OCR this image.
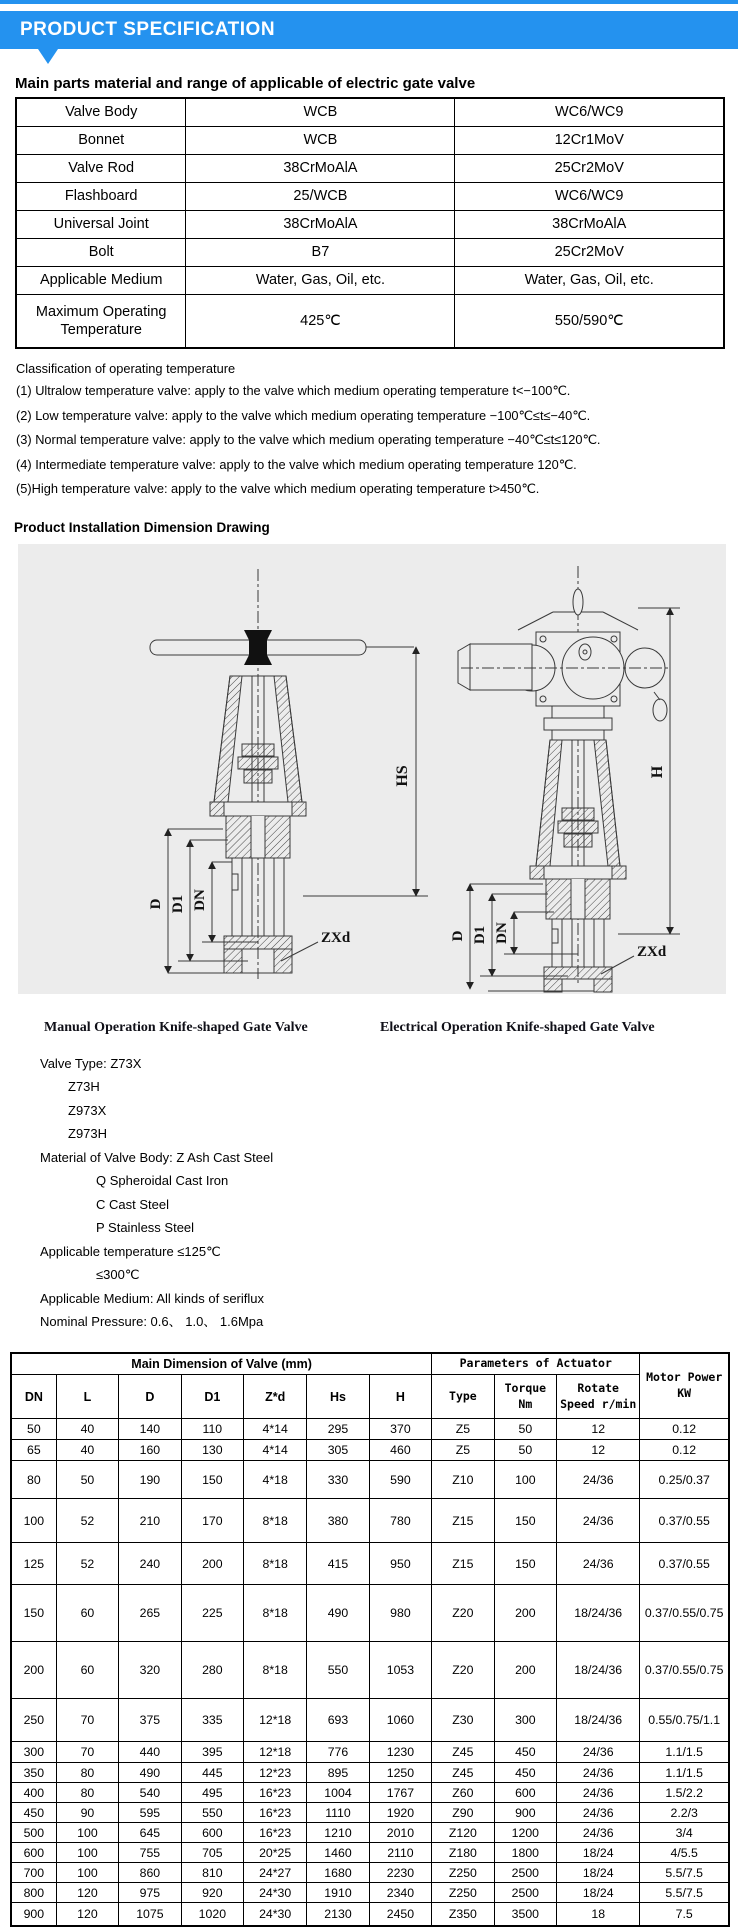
PRODUCT SPECIFICATION
Main parts material and range of applicable of electric gate valve
Valve Body	WCB	WC6/WC9
Bonnet	WCB	12Cr1MoV
Valve Rod	38CrMoAlA	25Cr2MoV
Flashboard	25/WCB	WC6/WC9
Universal Joint	38CrMoAlA	38CrMoAlA
Bolt	B7	25Cr2MoV
Applicable Medium	Water, Gas, Oil, etc.	Water, Gas, Oil, etc.
Maximum Operating Temperature	425℃	550/590℃
Classification of operating temperature
(1) Ultralow temperature valve: apply to the valve which medium operating temperature t<−100℃.
(2) Low temperature valve: apply to the valve which medium operating temperature −100℃≤t≤−40℃.
(3) Normal temperature valve: apply to the valve which medium operating temperature −40℃≤t≤120℃.
(4) Intermediate temperature valve: apply to the valve which medium operating temperature 120℃.
(5)High temperature valve: apply to the valve which medium operating temperature t>450℃.
Product Installation Dimension Drawing
HS
D D1 DN
ZXd
H
D D1 DN
ZXd
Manual Operation Knife-shaped Gate Valve	Electrical Operation Knife-shaped Gate Valve
Valve Type: Z73X
Z73H
Z973X
Z973H
Material of Valve Body: Z Ash Cast Steel
Q Spheroidal Cast Iron
C Cast Steel
P Stainless Steel
Applicable temperature ≤125℃
≤300℃
Applicable Medium: All kinds of seriflux
Nominal Pressure: 0.6、 1.0、 1.6Mpa
Main Dimension of Valve (mm)							Parameters of Actuator			Motor Power KW
DN	L	D	D1	Z*d	Hs	H	Type	Torque Nm	Rotate Speed r/min	
50	40	140	110	4*14	295	370	Z5	50	12	0.12
65	40	160	130	4*14	305	460	Z5	50	12	0.12
80	50	190	150	4*18	330	590	Z10	100	24/36	0.25/0.37
100	52	210	170	8*18	380	780	Z15	150	24/36	0.37/0.55
125	52	240	200	8*18	415	950	Z15	150	24/36	0.37/0.55
150	60	265	225	8*18	490	980	Z20	200	18/24/36	0.37/0.55/0.75
200	60	320	280	8*18	550	1053	Z20	200	18/24/36	0.37/0.55/0.75
250	70	375	335	12*18	693	1060	Z30	300	18/24/36	0.55/0.75/1.1
300	70	440	395	12*18	776	1230	Z45	450	24/36	1.1/1.5
350	80	490	445	12*23	895	1250	Z45	450	24/36	1.1/1.5
400	80	540	495	16*23	1004	1767	Z60	600	24/36	1.5/2.2
450	90	595	550	16*23	1110	1920	Z90	900	24/36	2.2/3
500	100	645	600	16*23	1210	2010	Z120	1200	24/36	3/4
600	100	755	705	20*25	1460	2110	Z180	1800	18/24	4/5.5
700	100	860	810	24*27	1680	2230	Z250	2500	18/24	5.5/7.5
800	120	975	920	24*30	1910	2340	Z250	2500	18/24	5.5/7.5
900	120	1075	1020	24*30	2130	2450	Z350	3500	18	7.5
